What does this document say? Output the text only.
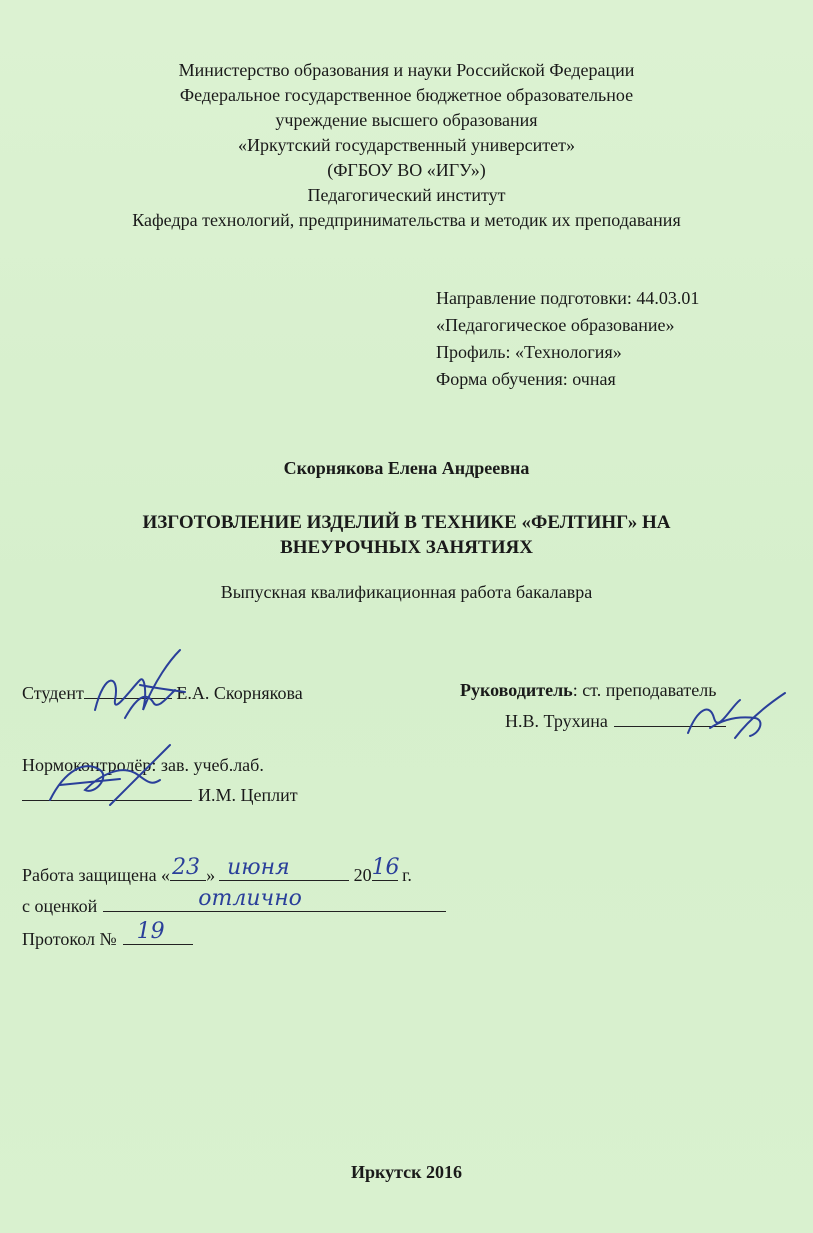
Министерство образования и науки Российской Федерации
Федеральное государственное бюджетное образовательное
учреждение высшего образования
«Иркутский государственный университет»
(ФГБОУ ВО «ИГУ»)
Педагогический институт
Кафедра технологий, предпринимательства и методик их преподавания
Направление подготовки: 44.03.01
«Педагогическое образование»
Профиль: «Технология»
Форма обучения: очная
Скорнякова Елена Андреевна
ИЗГОТОВЛЕНИЕ ИЗДЕЛИЙ В ТЕХНИКЕ «ФЕЛТИНГ» НА
ВНЕУРОЧНЫХ ЗАНЯТИЯХ
Выпускная квалификационная работа бакалавра
Студент	Е.А. Скорнякова	Руководитель: ст. преподаватель
Н.В. Трухина
Нормоконтролёр: зав. учеб.лаб.
И.М. Цеплит
Работа защищена « 23 » июня	20 16
г.
с оценкой	отлично
Протокол № 19
Иркутск 2016
